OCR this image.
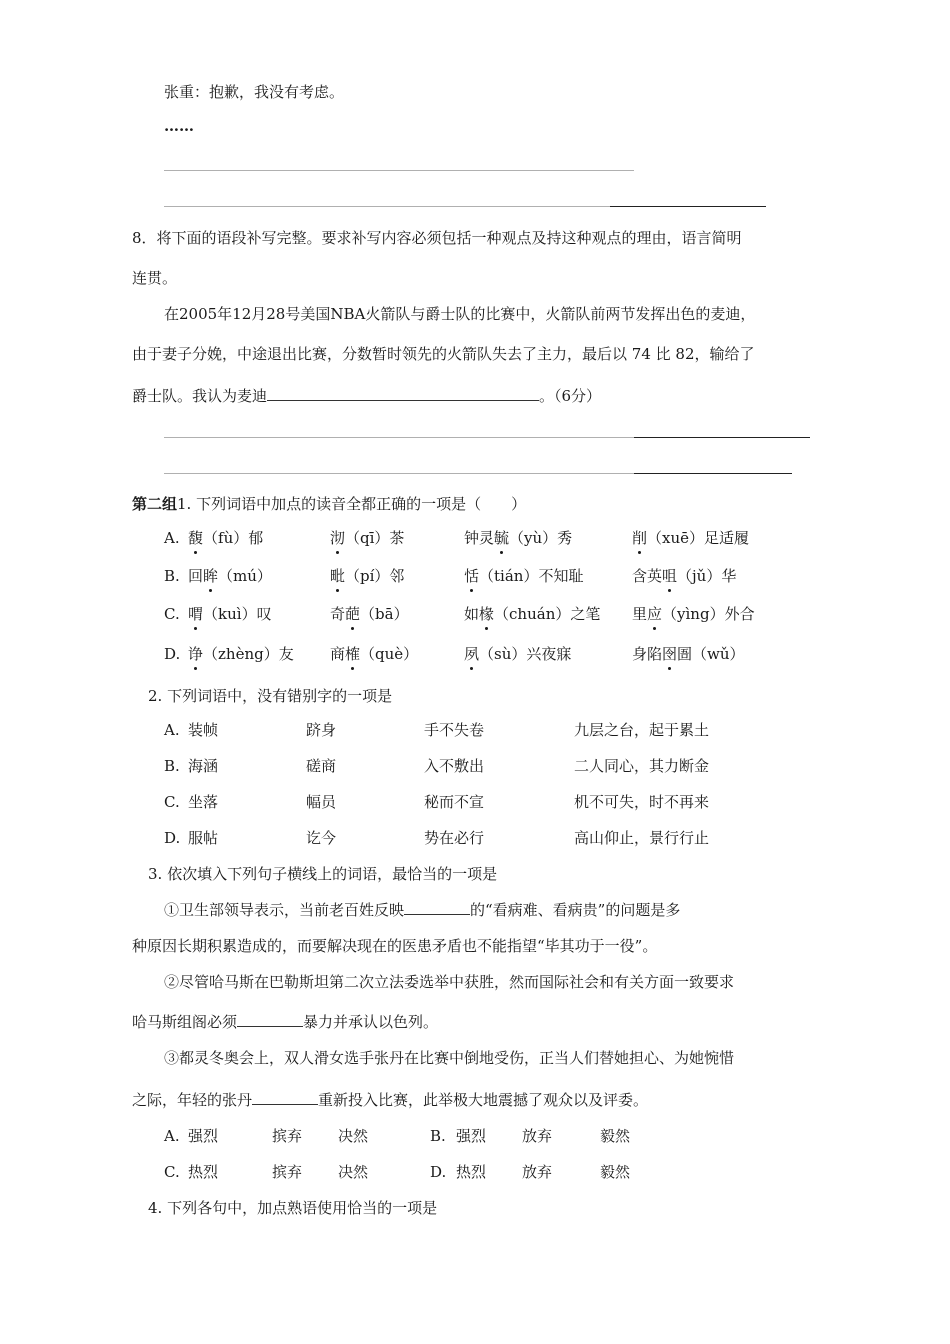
张重：抱歉，我没有考虑。
……
8．将下面的语段补写完整。要求补写内容必须包括一种观点及持这种观点的理由，语言简明
连贯。
在2005年12月28号美国NBA火箭队与爵士队的比赛中，火箭队前两节发挥出色的麦迪，
由于妻子分娩，中途退出比赛，分数暂时领先的火箭队失去了主力，最后以 74 比 82，输给了
爵士队。我认为麦迪	。（6分）
第二组1. 下列词语中加点的读音全都正确的一项是（　　）
A. 馥（fù）郁	沏（qī）茶	钟灵毓（yù）秀	削（xuē）足适履
B. 回眸（mú）	毗（pí）邻	恬（tián）不知耻	含英咀（jǔ）华
C. 喟（kuì）叹	奇葩（bā）	如椽（chuán）之笔 里应（yìng）外合
D. 诤（zhèng）友 商榷（què）	夙（sù）兴夜寐	身陷囹圄（wǔ）
2. 下列词语中，没有错别字的一项是
A. 装帧	跻身	手不失卷	九层之台，起于累土
B. 海涵	磋商	入不敷出	二人同心，其力断金
C. 坐落	幅员	秘而不宣	机不可失，时不再来
D. 服帖	讫今	势在必行	高山仰止，景行行止
3. 依次填入下列句子横线上的词语，最恰当的一项是
①卫生部领导表示，当前老百姓反映	的“看病难、看病贵”的问题是多
种原因长期积累造成的，而要解决现在的医患矛盾也不能指望“毕其功于一役”。
②尽管哈马斯在巴勒斯坦第二次立法委选举中获胜，然而国际社会和有关方面一致要求
哈马斯组阁必须	暴力并承认以色列。
③都灵冬奥会上，双人滑女选手张丹在比赛中倒地受伤，正当人们替她担心、为她惋惜
之际，年轻的张丹	重新投入比赛，此举极大地震撼了观众以及评委。
A. 强烈	摈弃 决然	B. 强烈 放弃	毅然
C. 热烈	摈弃 决然	D. 热烈 放弃	毅然
4. 下列各句中，加点熟语使用恰当的一项是
